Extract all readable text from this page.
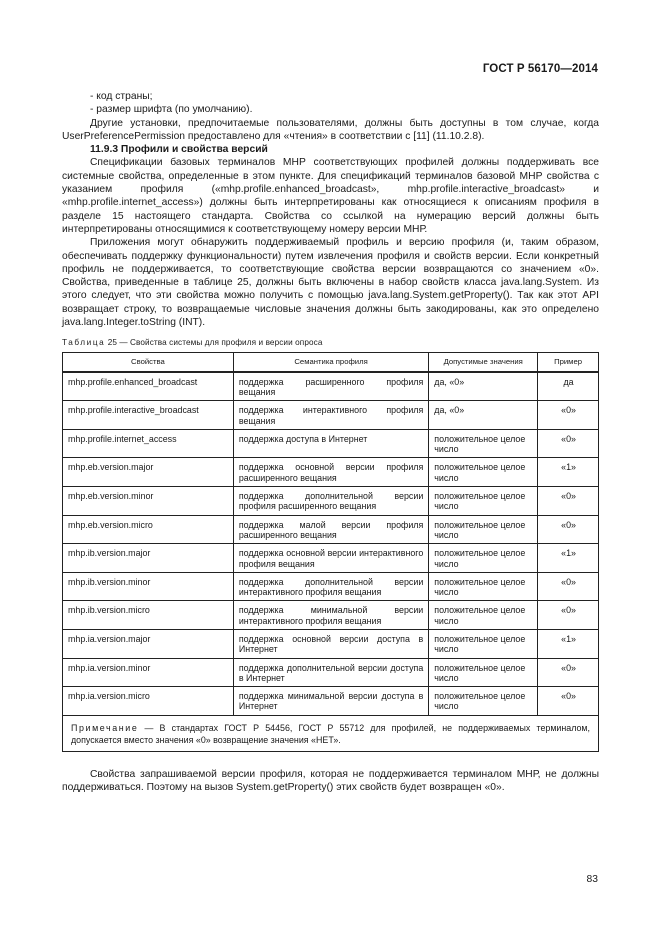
ГОСТ Р 56170—2014

- код страны;

- размер шрифта (по умолчанию).

Другие установки, предпочитаемые пользователями, должны быть доступны в том случае, когда UserPreferencePermission предоставлено для «чтения» в соответствии с [11] (11.10.2.8).

11.9.3 Профили и свойства версий

Спецификации базовых терминалов МНР соответствующих профилей должны поддерживать все системные свойства, определенные в этом пункте. Для спецификаций терминалов базовой МНР свойства с указанием профиля («mhp.profile.enhanced_broadcast», mhp.profile.interactive_broadcast» и «mhp.profile.internet_access») должны быть интерпретированы как относящиеся к описаниям профиля в разделе 15 настоящего стандарта. Свойства со ссылкой на нумерацию версий должны быть интерпретированы относящимися к соответствующему номеру версии МНР.

Приложения могут обнаружить поддерживаемый профиль и версию профиля (и, таким образом, обеспечивать поддержку функциональности) путем извлечения профиля и свойств версии. Если конкретный профиль не поддерживается, то соответствующие свойства версии возвращаются со значением «0». Свойства, приведенные в таблице 25, должны быть включены в набор свойств класса java.lang.System. Из этого следует, что эти свойства можно получить с помощью java.lang.System.getProperty(). Так как этот API возвращает строку, то возвращаемые числовые значения должны быть закодированы, как это определено java.lang.Integer.toString (INT).

Таблица 25 — Свойства системы для профиля и версии опроса
Свойства	Семантика профиля	Допустимые значения	Пример
mhp.profile.enhanced_broadcast	поддержка расширенного профиля вещания	да, «0»	да
mhp.profile.interactive_broadcast	поддержка интерактивного профиля вещания	да, «0»	«0»
mhp.profile.internet_access	поддержка доступа в Интернет	положительное целое число	«0»
mhp.eb.version.major	поддержка основной версии профиля расширенного вещания	положительное целое число	«1»
mhp.eb.version.minor	поддержка дополнительной версии профиля расширенного вещания	положительное целое число	«0»
mhp.eb.version.micro	поддержка малой версии профиля расширенного вещания	положительное целое число	«0»
mhp.ib.version.major	поддержка основной версии интерактивного профиля вещания	положительное целое число	«1»
mhp.ib.version.minor	поддержка дополнительной версии интерактивного профиля вещания	положительное целое число	«0»
mhp.ib.version.micro	поддержка минимальной версии интерактивного профиля вещания	положительное целое число	«0»
mhp.ia.version.major	поддержка основной версии доступа в Интернет	положительное целое число	«1»
mhp.ia.version.minor	поддержка дополнительной версии доступа в Интернет	положительное целое число	«0»
mhp.ia.version.micro	поддержка минимальной версии доступа в Интернет	положительное целое число	«0»
Примечание — В стандартах ГОСТ Р 54456, ГОСТ Р 55712 для профилей, не поддерживаемых терминалом, допускается вместо значения «0» возвращение значения «НЕТ».			

Свойства запрашиваемой версии профиля, которая не поддерживается терминалом МНР, не должны поддерживаться. Поэтому на вызов System.getProperty() этих свойств будет возвращен «0».

83
